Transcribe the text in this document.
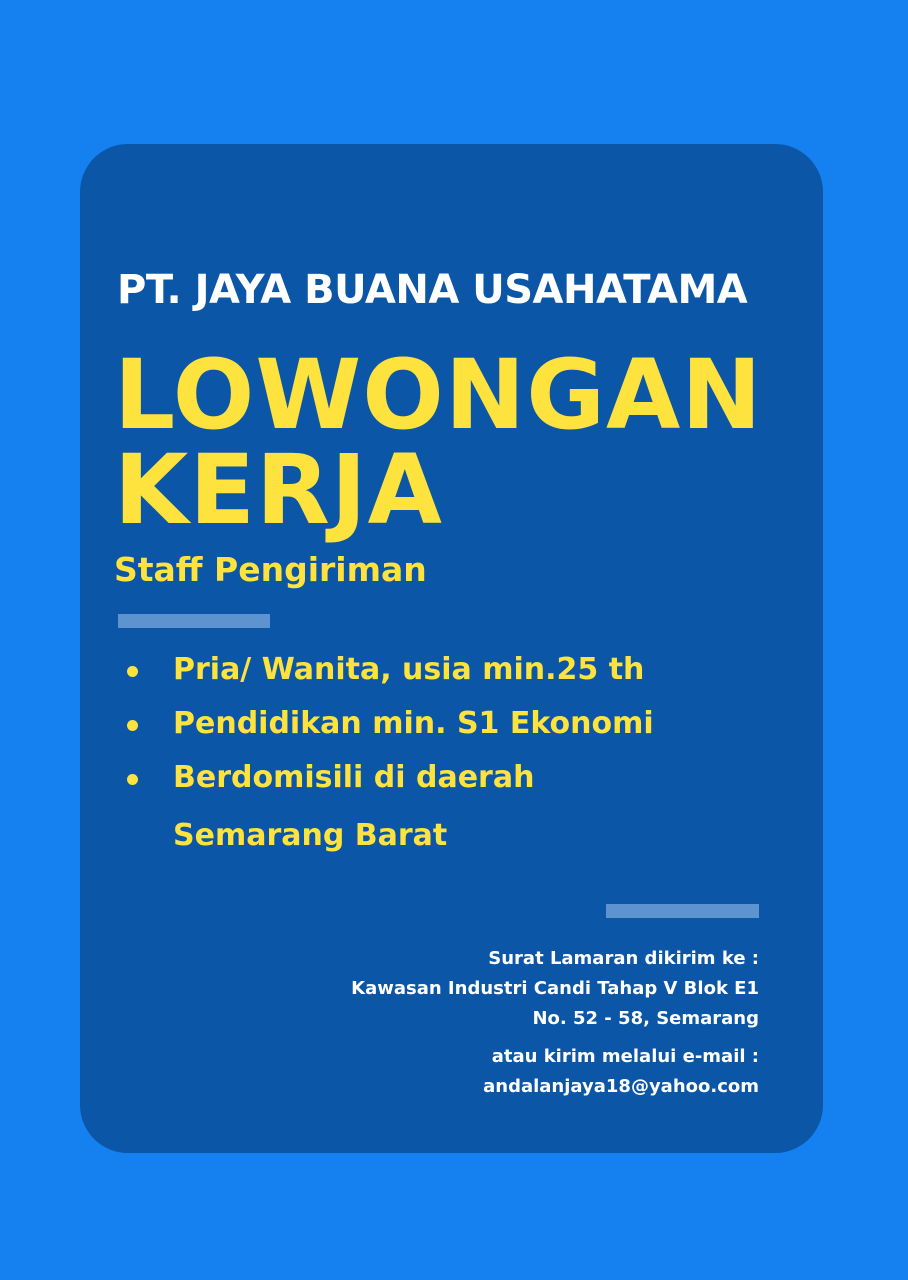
PT. JAYA BUANA USAHATAMA
LOWONGAN
KERJA
Staff Pengiriman
Pria/ Wanita, usia min.25 th
Pendidikan min. S1 Ekonomi
Berdomisili di daerah
Semarang Barat
Surat Lamaran dikirim ke :
Kawasan Industri Candi Tahap V Blok E1
No. 52 - 58, Semarang
atau kirim melalui e-mail :
andalanjaya18@yahoo.com
